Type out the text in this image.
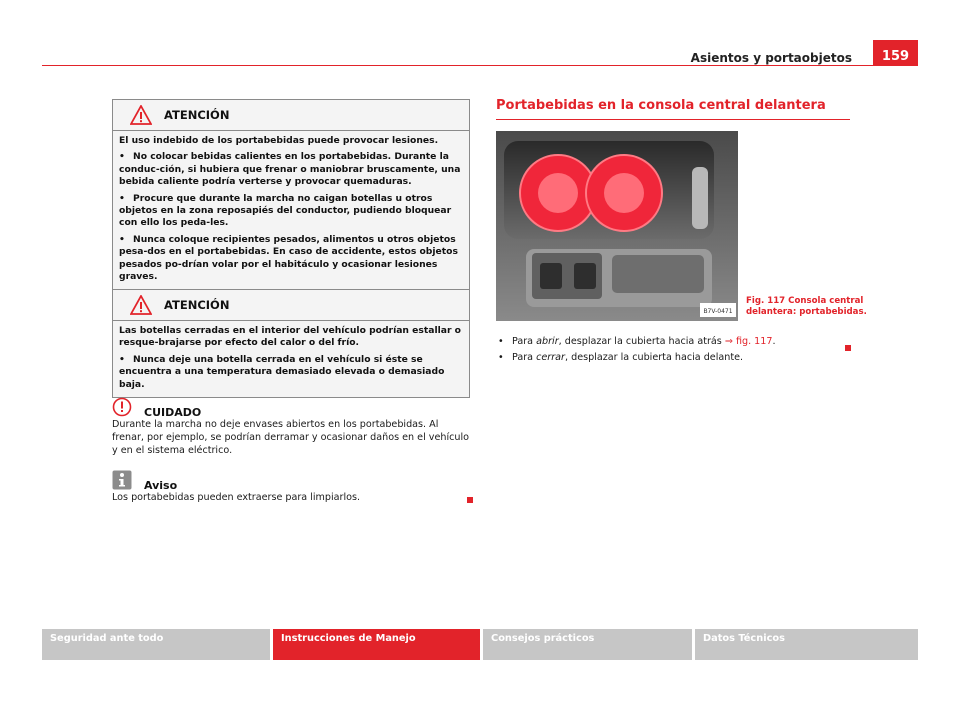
Asientos y portaobjetos	159
ATENCIÓN

El uso indebido de los portabebidas puede provocar lesiones.

• No colocar bebidas calientes en los portabebidas. Durante la conduc-ción, si hubiera que frenar o maniobrar bruscamente, una bebida caliente podría verterse y provocar quemaduras.

• Procure que durante la marcha no caigan botellas u otros objetos en la zona reposapiés del conductor, pudiendo bloquear con ello los peda-les.

• Nunca coloque recipientes pesados, alimentos u otros objetos pesa-dos en el portabebidas. En caso de accidente, estos objetos pesados po-drían volar por el habitáculo y ocasionar lesiones graves.

ATENCIÓN

Las botellas cerradas en el interior del vehículo podrían estallar o resque-brajarse por efecto del calor o del frío.

• Nunca deje una botella cerrada en el vehículo si éste se encuentra a una temperatura demasiado elevada o demasiado baja.

CUIDADO
Durante la marcha no deje envases abiertos en los portabebidas. Al frenar, por ejemplo, se podrían derramar y ocasionar daños en el vehículo y en el sistema eléctrico.
Aviso
Los portabebidas pueden extraerse para limpiarlos.
Portabebidas en la consola central delantera
B7V-0471
Fig. 117 Consola central
delantera: portabebidas.
• Para abrir, desplazar la cubierta hacia atrás ⇒ fig. 117.
• Para cerrar, desplazar la cubierta hacia delante.
Seguridad ante todo	Instrucciones de Manejo	Consejos prácticos	Datos Técnicos
